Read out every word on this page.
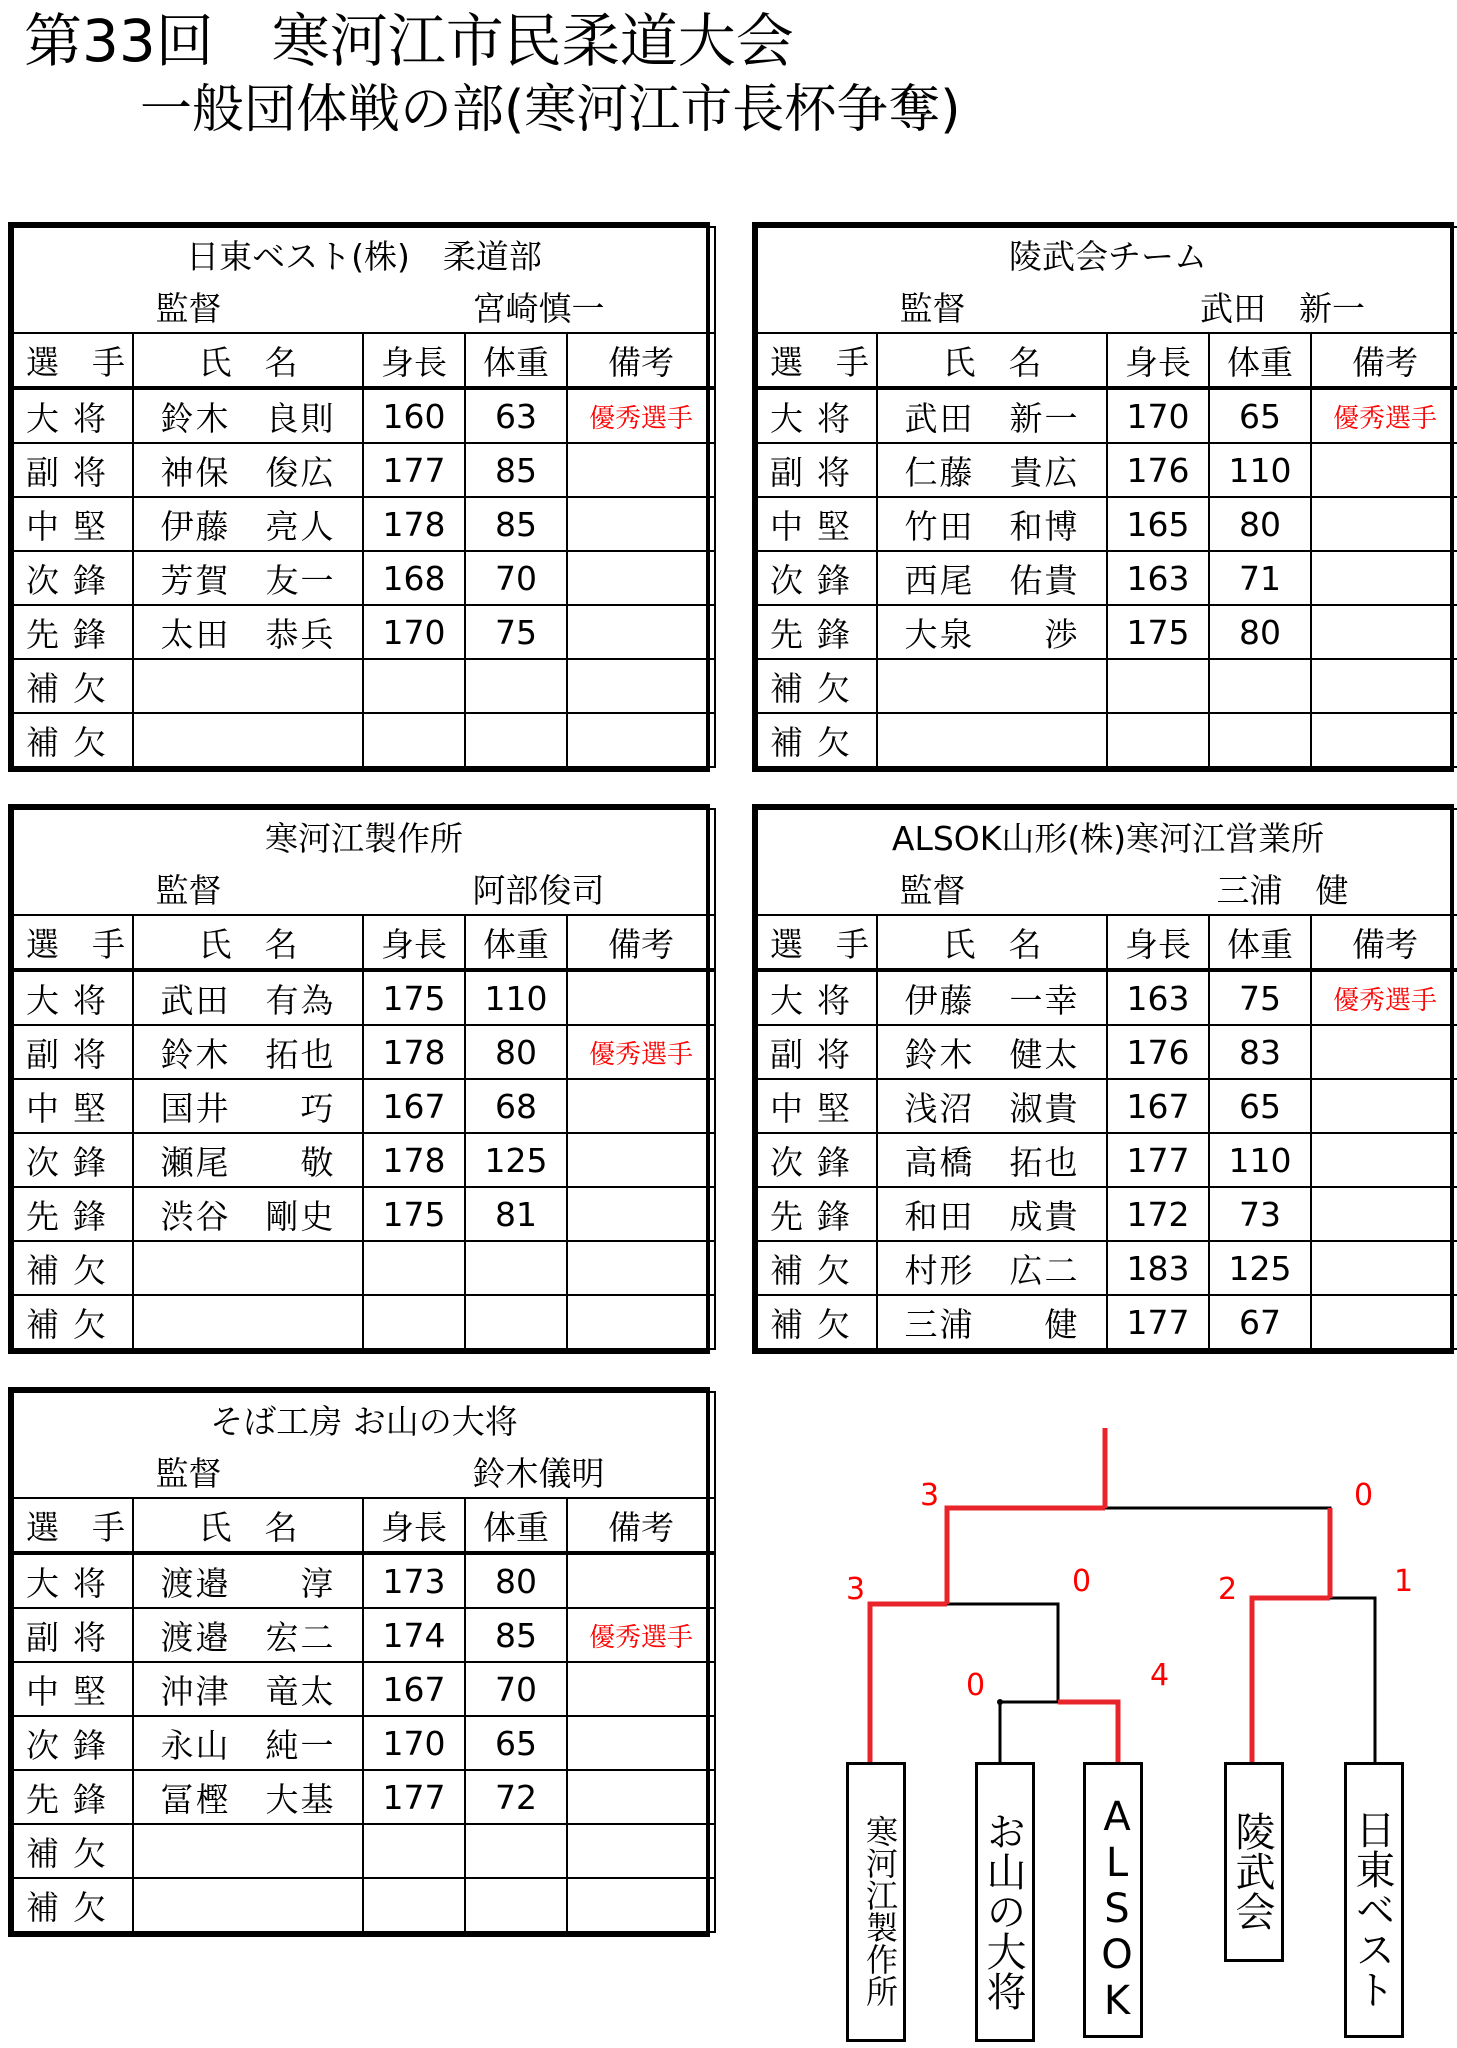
第33回　寒河江市民柔道大会
一般団体戦の部(寒河江市長杯争奪)
日東ベスト(株)　柔道部				
監督		宮崎慎一		
選　手	氏　名	身長	体重	備考
大将	鈴木　良則	160	63	優秀選手
副将	神保　俊広	177	85	
中堅	伊藤　亮人	178	85	
次鋒	芳賀　友一	168	70	
先鋒	太田　恭兵	170	75	
補欠				
補欠				
陵武会チーム				
監督		武田　新一		
選　手	氏　名	身長	体重	備考
大将	武田　新一	170	65	優秀選手
副将	仁藤　貴広	176	110	
中堅	竹田　和博	165	80	
次鋒	西尾　佑貴	163	71	
先鋒	大泉　　渉	175	80	
補欠				
補欠				
寒河江製作所				
監督		阿部俊司		
選　手	氏　名	身長	体重	備考
大将	武田　有為	175	110	
副将	鈴木　拓也	178	80	優秀選手
中堅	国井　　巧	167	68	
次鋒	瀬尾　　敬	178	125	
先鋒	渋谷　剛史	175	81	
補欠				
補欠				
ALSOK山形(株)寒河江営業所				
監督		三浦　健		
選　手	氏　名	身長	体重	備考
大将	伊藤　一幸	163	75	優秀選手
副将	鈴木　健太	176	83	
中堅	浅沼　淑貴	167	65	
次鋒	高橋　拓也	177	110	
先鋒	和田　成貴	172	73	
補欠	村形　広二	183	125	
補欠	三浦　　健	177	67	
そば工房 お山の大将				
監督		鈴木儀明		
選　手	氏　名	身長	体重	備考
大将	渡邉　　淳	173	80	
副将	渡邉　宏二	174	85	優秀選手
中堅	沖津　竜太	167	70	
次鋒	永山　純一	170	65	
先鋒	冨樫　大基	177	72	
補欠				
補欠				
3	0
3	0	2	1
0	4
寒河江製作所 お山の大将 ALSOK 陵武会 日東ベスト
